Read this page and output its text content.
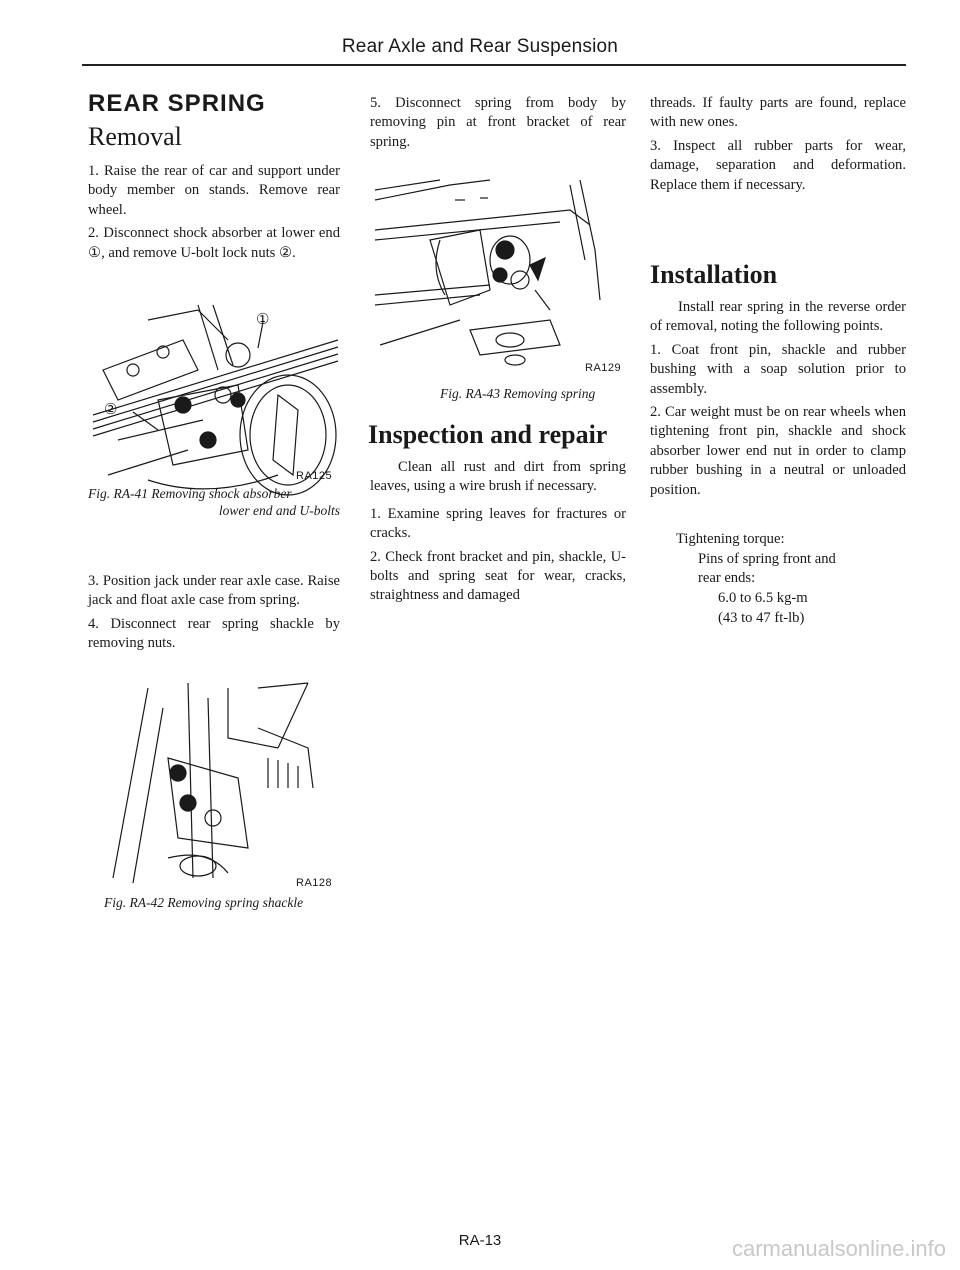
Rear Axle and Rear Suspension
REAR SPRING
Removal

1. Raise the rear of car and support under body member on stands. Remove rear wheel.

2. Disconnect shock absorber at lower end ①, and remove U-bolt lock nuts ②.

①
②
RA125
Fig. RA-41 Removing shock absorber
lower end and U-bolts

3. Position jack under rear axle case. Raise jack and float axle case from spring.

4. Disconnect rear spring shackle by removing nuts.

RA128
Fig. RA-42 Removing spring shackle

5. Disconnect spring from body by removing pin at front bracket of rear spring.

RA129
Fig. RA-43 Removing spring
Inspection and repair

Clean all rust and dirt from spring leaves, using a wire brush if necessary.

1. Examine spring leaves for fractures or cracks.

2. Check front bracket and pin, shackle, U-bolts and spring seat for wear, cracks, straightness and damaged

threads. If faulty parts are found, replace with new ones.

3. Inspect all rubber parts for wear, damage, separation and deformation. Replace them if necessary.

Installation

Install rear spring in the reverse order of removal, noting the following points.

1. Coat front pin, shackle and rubber bushing with a soap solution prior to assembly.

2. Car weight must be on rear wheels when tightening front pin, shackle and shock absorber lower end nut in order to clamp rubber bushing in a neutral or unloaded position.

Tightening torque:
Pins of spring front and
rear ends:
6.0 to 6.5 kg-m
(43 to 47 ft-lb)
RA-13	carmanualsonline.info
